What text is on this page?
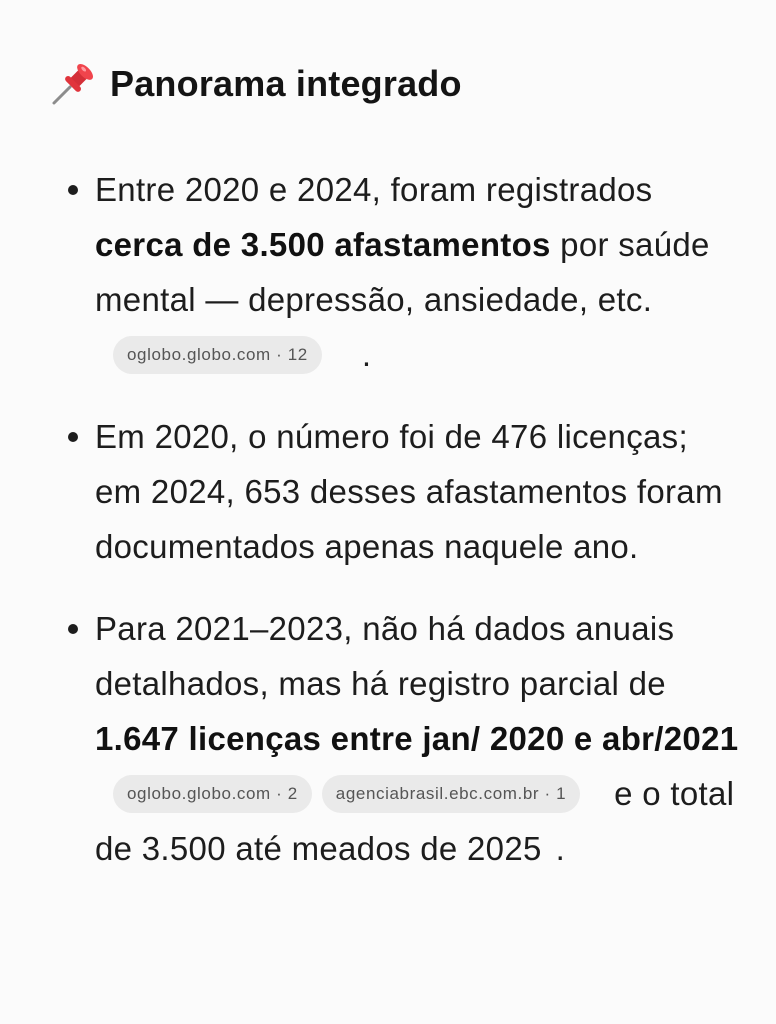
Panorama integrado
Entre 2020 e 2024, foram registrados cerca de 3.500 afastamentos por saúde mental — depressão, ansiedade, etc.oglobo.globo.com · 12 .
Em 2020, o número foi de 476 licenças; em 2024, 653 desses afastamentos foram documentados apenas naquele ano.
Para 2021–2023, não há dados anuais detalhados, mas há registro parcial de 1.647 licenças entre jan/ 2020 e abr/2021oglobo.globo.com · 2 agenciabrasil.ebc.com.br · 1 e o total de 3.500 até meados de 2025 .
